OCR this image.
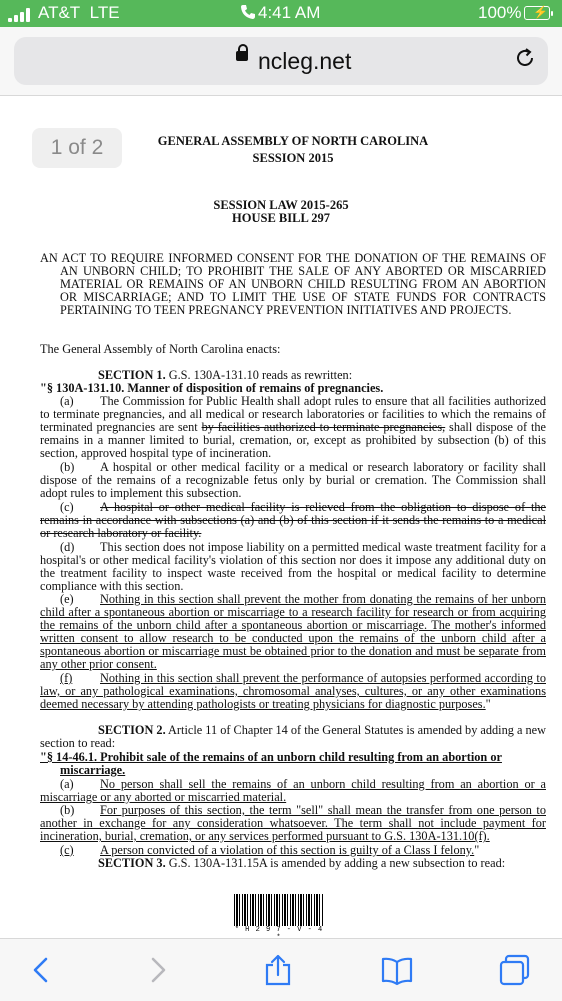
AT&T LTE	4:41 AM	100% ⚡
ncleg.net
1 of 2	GENERAL ASSEMBLY OF NORTH CAROLINA
SESSION 2015
SESSION LAW 2015-265
HOUSE BILL 297
AN ACT TO REQUIRE INFORMED CONSENT FOR THE DONATION OF THE REMAINS OF AN UNBORN CHILD; TO PROHIBIT THE SALE OF ANY ABORTED OR MISCARRIED MATERIAL OR REMAINS OF AN UNBORN CHILD RESULTING FROM AN ABORTION OR MISCARRIAGE; AND TO LIMIT THE USE OF STATE FUNDS FOR CONTRACTS PERTAINING TO TEEN PREGNANCY PREVENTION INITIATIVES AND PROJECTS.
The General Assembly of North Carolina enacts:
SECTION 1. G.S. 130A-131.10 reads as rewritten:
"§ 130A-131.10. Manner of disposition of remains of pregnancies.
(a) The Commission for Public Health shall adopt rules to ensure that all facilities authorized to terminate pregnancies, and all medical or research laboratories or facilities to which the remains of terminated pregnancies are sent by facilities authorized to terminate pregnancies, shall dispose of the remains in a manner limited to burial, cremation, or, except as prohibited by subsection (b) of this section, approved hospital type of incineration.
(b) A hospital or other medical facility or a medical or research laboratory or facility shall dispose of the remains of a recognizable fetus only by burial or cremation. The Commission shall adopt rules to implement this subsection.
(c) A hospital or other medical facility is relieved from the obligation to dispose of the remains in accordance with subsections (a) and (b) of this section if it sends the remains to a medical or research laboratory or facility.
(d) This section does not impose liability on a permitted medical waste treatment facility for a hospital's or other medical facility's violation of this section nor does it impose any additional duty on the treatment facility to inspect waste received from the hospital or medical facility to determine compliance with this section.
(e) Nothing in this section shall prevent the mother from donating the remains of her unborn child after a spontaneous abortion or miscarriage to a research facility for research or from acquiring the remains of the unborn child after a spontaneous abortion or miscarriage. The mother's informed written consent to allow research to be conducted upon the remains of the unborn child after a spontaneous abortion or miscarriage must be obtained prior to the donation and must be separate from any other prior consent.
(f) Nothing in this section shall prevent the performance of autopsies performed according to law, or any pathological examinations, chromosomal analyses, cultures, or any other examinations deemed necessary by attending pathologists or treating physicians for diagnostic purposes."
SECTION 2. Article 11 of Chapter 14 of the General Statutes is amended by adding a new section to read:
"§ 14-46.1. Prohibit sale of the remains of an unborn child resulting from an abortion or miscarriage.
(a) No person shall sell the remains of an unborn child resulting from an abortion or a miscarriage or any aborted or miscarried material.
(b) For purposes of this section, the term "sell" shall mean the transfer from one person to another in exchange for any consideration whatsoever. The term shall not include payment for incineration, burial, cremation, or any services performed pursuant to G.S. 130A-131.10(f).
(c) A person convicted of a violation of this section is guilty of a Class I felony."
SECTION 3. G.S. 130A-131.15A is amended by adding a new subsection to read:
* H 2 9 7 - V - 4 *
